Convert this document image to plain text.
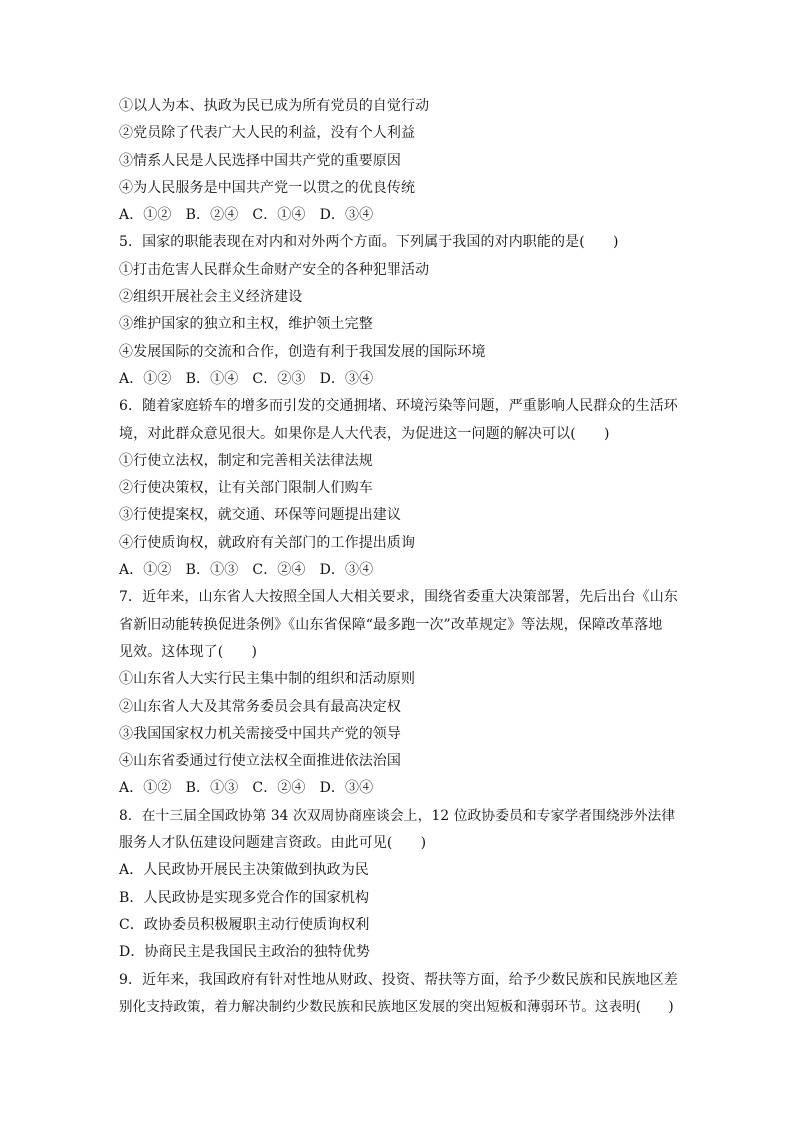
①以人为本、执政为民已成为所有党员的自觉行动
②党员除了代表广大人民的利益，没有个人利益
③情系人民是人民选择中国共产党的重要原因
④为人民服务是中国共产党一以贯之的优良传统
A．①②　B．②④　C．①④　D．③④
5．国家的职能表现在对内和对外两个方面。下列属于我国的对内职能的是(　　)
①打击危害人民群众生命财产安全的各种犯罪活动
②组织开展社会主义经济建设
③维护国家的独立和主权，维护领土完整
④发展国际的交流和合作，创造有利于我国发展的国际环境
A．①②　B．①④　C．②③　D．③④
6．随着家庭轿车的增多而引发的交通拥堵、环境污染等问题，严重影响人民群众的生活环
境，对此群众意见很大。如果你是人大代表，为促进这一问题的解决可以(　　)
①行使立法权，制定和完善相关法律法规
②行使决策权，让有关部门限制人们购车
③行使提案权，就交通、环保等问题提出建议
④行使质询权，就政府有关部门的工作提出质询
A．①②　B．①③　C．②④　D．③④
7．近年来，山东省人大按照全国人大相关要求，围绕省委重大决策部署，先后出台《山东
省新旧动能转换促进条例》《山东省保障“最多跑一次”改革规定》等法规，保障改革落地
见效。这体现了(　　)
①山东省人大实行民主集中制的组织和活动原则
②山东省人大及其常务委员会具有最高决定权
③我国国家权力机关需接受中国共产党的领导
④山东省委通过行使立法权全面推进依法治国
A．①②　B．①③　C．②④　D．③④
8．在十三届全国政协第 34 次双周协商座谈会上，12 位政协委员和专家学者围绕涉外法律
服务人才队伍建设问题建言资政。由此可见(　　)
A．人民政协开展民主决策做到执政为民
B．人民政协是实现多党合作的国家机构
C．政协委员积极履职主动行使质询权利
D．协商民主是我国民主政治的独特优势
9．近年来，我国政府有针对性地从财政、投资、帮扶等方面，给予少数民族和民族地区差
别化支持政策，着力解决制约少数民族和民族地区发展的突出短板和薄弱环节。这表明(　　)
